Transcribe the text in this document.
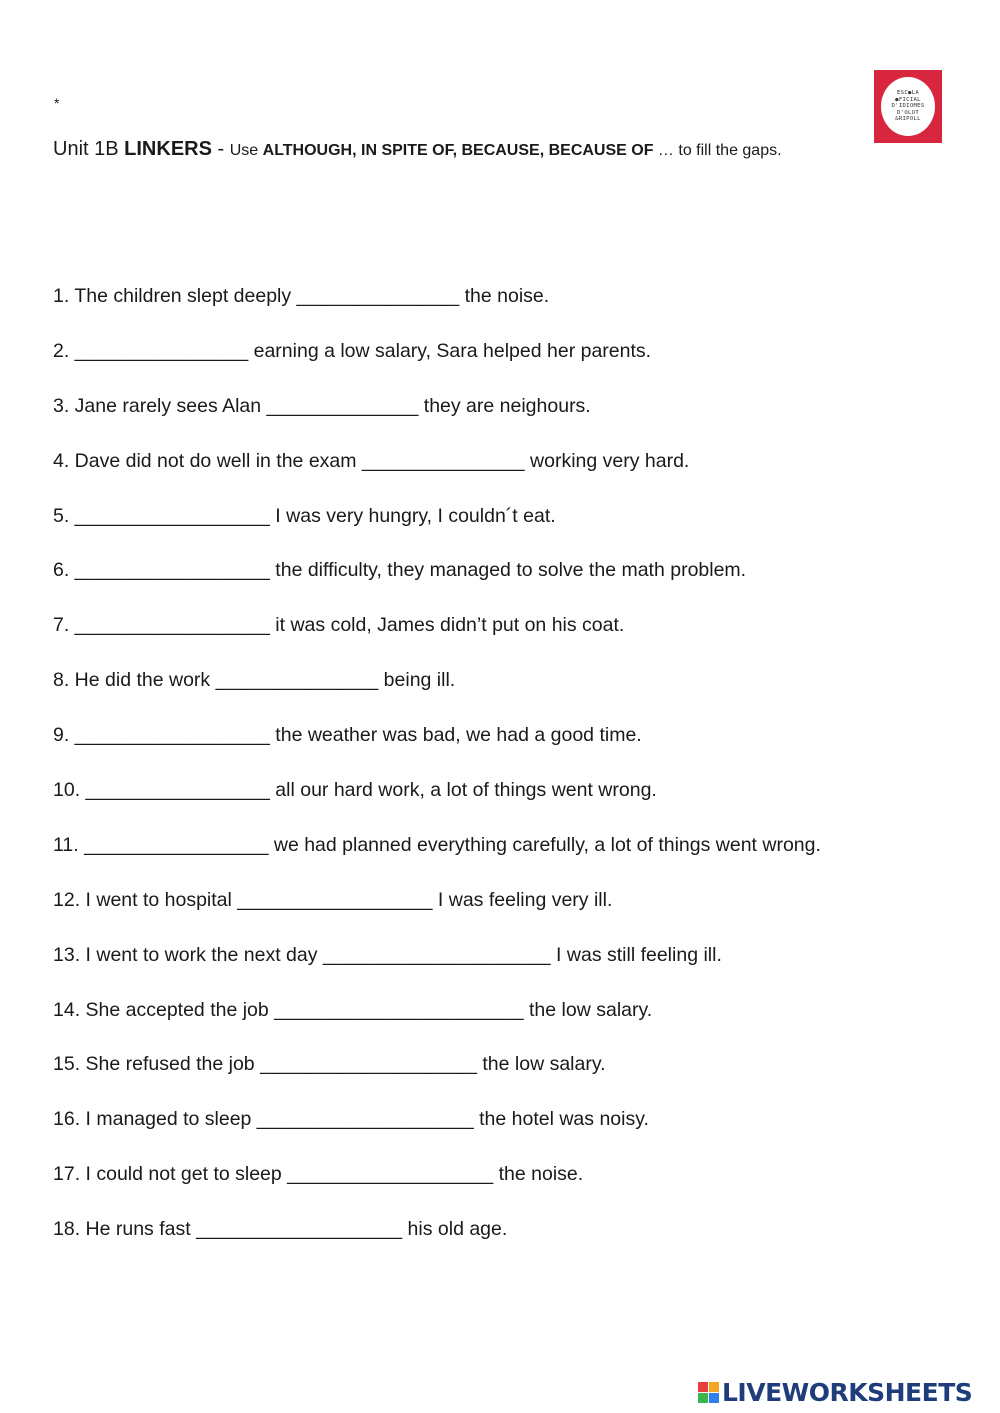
*
Unit 1B LINKERS - Use ALTHOUGH, IN SPITE OF, BECAUSE, BECAUSE OF … to fill the gaps.
ESC●LA
●FICIAL
D'IDIOMES
D'OLOT
&RIPOLL
1. The children slept deeply _______________ the noise.
2. ________________ earning a low salary, Sara helped her parents.
3. Jane rarely sees Alan ______________ they are neighours.
4. Dave did not do well in the exam _______________ working very hard.
5. __________________ I was very hungry, I couldn´t eat.
6. __________________ the difficulty, they managed to solve the math problem.
7. __________________ it was cold, James didn’t put on his coat.
8. He did the work _______________ being ill.
9. __________________ the weather was bad, we had a good time.
10. _________________ all our hard work, a lot of things went wrong.
11. _________________ we had planned everything carefully, a lot of things went wrong.
12. I went to hospital __________________ I was feeling very ill.
13. I went to work the next day _____________________ I was still feeling ill.
14. She accepted the job _______________________ the low salary.
15. She refused the job ____________________ the low salary.
16. I managed to sleep ____________________ the hotel was noisy.
17. I could not get to sleep ___________________ the noise.
18. He runs fast ___________________ his old age.
LIVEWORKSHEETS
